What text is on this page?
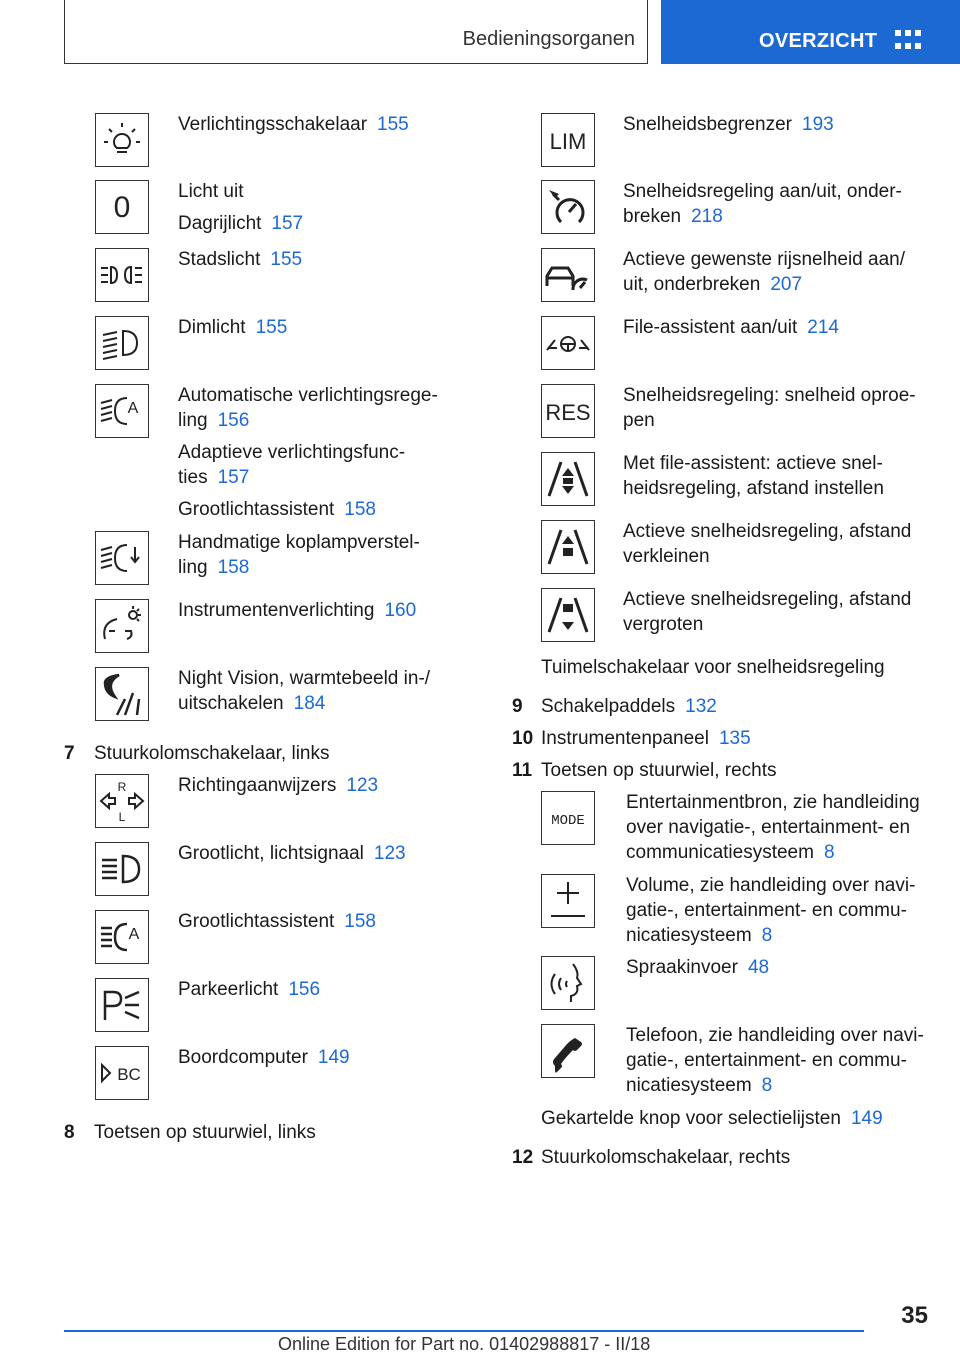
Bedieningsorganen	OVERZICHT
0
A
R
L
A
BC
Verlichtingsschakelaar 155
Licht uit
Dagrijlicht 157
Stadslicht 155
Dimlicht 155
Automatische verlichtingsrege-
ling 156
Adaptieve verlichtingsfunc-
ties 157
Grootlichtassistent 158
Handmatige koplampverstel-
ling 158
Instrumentenverlichting 160
Night Vision, warmtebeeld in-/
uitschakelen 184
7 Stuurkolomschakelaar, links
Richtingaanwijzers 123
Grootlicht, lichtsignaal 123
Grootlichtassistent 158
Parkeerlicht 156
Boordcomputer 149
8 Toetsen op stuurwiel, links
LIM
RES
MODE
Snelheidsbegrenzer 193
Snelheidsregeling aan/uit, onder-
breken 218
Actieve gewenste rijsnelheid aan/
uit, onderbreken 207
File-assistent aan/uit 214
Snelheidsregeling: snelheid oproe-
pen
Met file-assistent: actieve snel-
heidsregeling, afstand instellen
Actieve snelheidsregeling, afstand
verkleinen
Actieve snelheidsregeling, afstand
vergroten
Tuimelschakelaar voor snelheidsregeling
9 Schakelpaddels 132
10 Instrumentenpaneel 135
11 Toetsen op stuurwiel, rechts
Entertainmentbron, zie handleiding
over navigatie-, entertainment- en
communicatiesysteem 8
Volume, zie handleiding over navi-
gatie-, entertainment- en commu-
nicatiesysteem 8
Spraakinvoer 48
Telefoon, zie handleiding over navi-
gatie-, entertainment- en commu-
nicatiesysteem 8
Gekartelde knop voor selectielijsten 149
12 Stuurkolomschakelaar, rechts
35
Online Edition for Part no. 01402988817 - II/18
